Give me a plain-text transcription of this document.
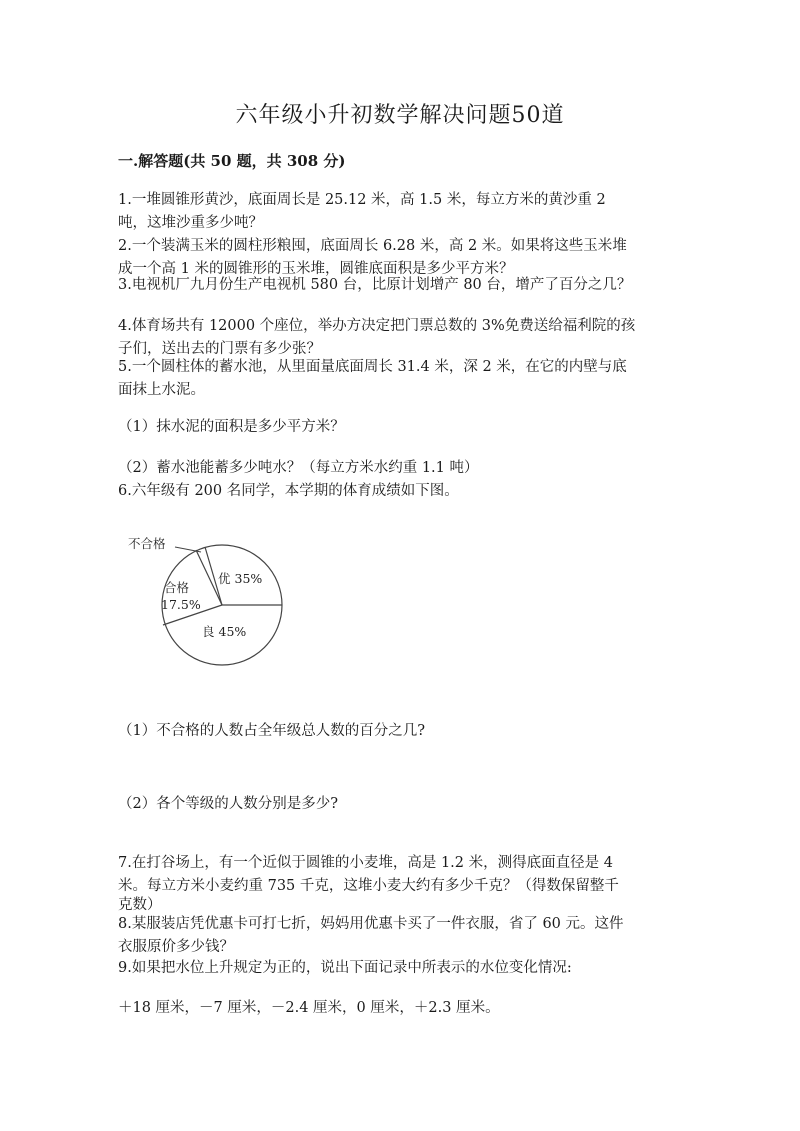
六年级小升初数学解决问题50道
一.解答题(共 50 题，共 308 分)
1.一堆圆锥形黄沙，底面周长是 25.12 米，高 1.5 米，每立方米的黄沙重 2
吨，这堆沙重多少吨？
2.一个装满玉米的圆柱形粮囤，底面周长 6.28 米，高 2 米。如果将这些玉米堆
成一个高 1 米的圆锥形的玉米堆，圆锥底面积是多少平方米？
3.电视机厂九月份生产电视机 580 台，比原计划增产 80 台，增产了百分之几？
4.体育场共有 12000 个座位，举办方决定把门票总数的 3%免费送给福利院的孩
子们，送出去的门票有多少张？
5.一个圆柱体的蓄水池，从里面量底面周长 31.4 米，深 2 米，在它的内壁与底
面抹上水泥。
（1）抹水泥的面积是多少平方米？
（2）蓄水池能蓄多少吨水？（每立方米水约重 1.1 吨）
6.六年级有 200 名同学，本学期的体育成绩如下图。
不合格
优 35%
合格
17.5%
良 45%
（1）不合格的人数占全年级总人数的百分之几?
（2）各个等级的人数分别是多少?
7.在打谷场上，有一个近似于圆锥的小麦堆，高是 1.2 米，测得底面直径是 4
米。每立方米小麦约重 735 千克，这堆小麦大约有多少千克？（得数保留整千
克数）
8.某服装店凭优惠卡可打七折，妈妈用优惠卡买了一件衣服，省了 60 元。这件
衣服原价多少钱？
9.如果把水位上升规定为正的，说出下面记录中所表示的水位变化情况:
＋18 厘米，－7 厘米，－2.4 厘米，0 厘米，＋2.3 厘米。
